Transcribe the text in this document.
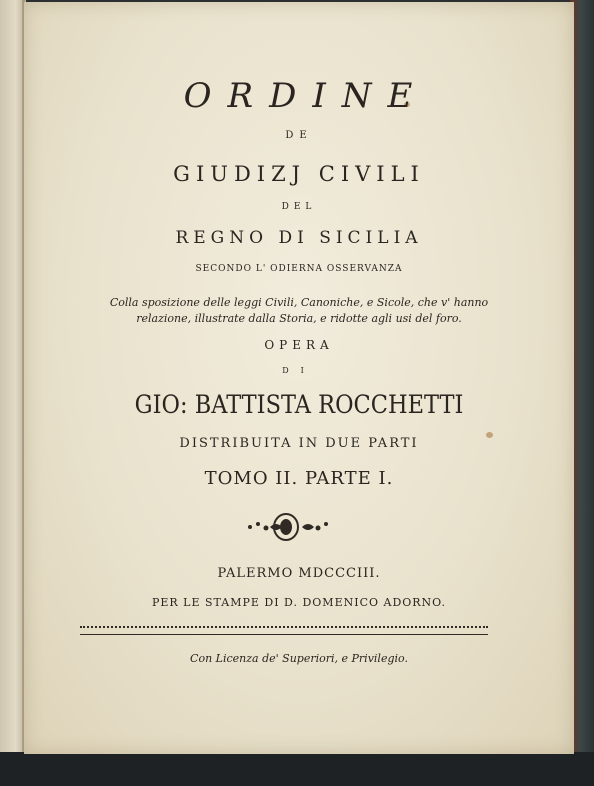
ORDINE
DE
GIUDIZJ CIVILI
DEL
REGNO DI SICILIA
SECONDO L' ODIERNA OSSERVANZA
Colla sposizione delle leggi Civili, Canoniche, e Sicole, che v' hanno
relazione, illustrate dalla Storia, e ridotte agli usi del foro.
OPERA
DI
GIO: BATTISTA ROCCHETTI
DISTRIBUITA IN DUE PARTI
TOMO II. PARTE I.
PALERMO MDCCCIII.
PER LE STAMPE DI D. DOMENICO ADORNO.
Con Licenza de' Superiori, e Privilegio.
